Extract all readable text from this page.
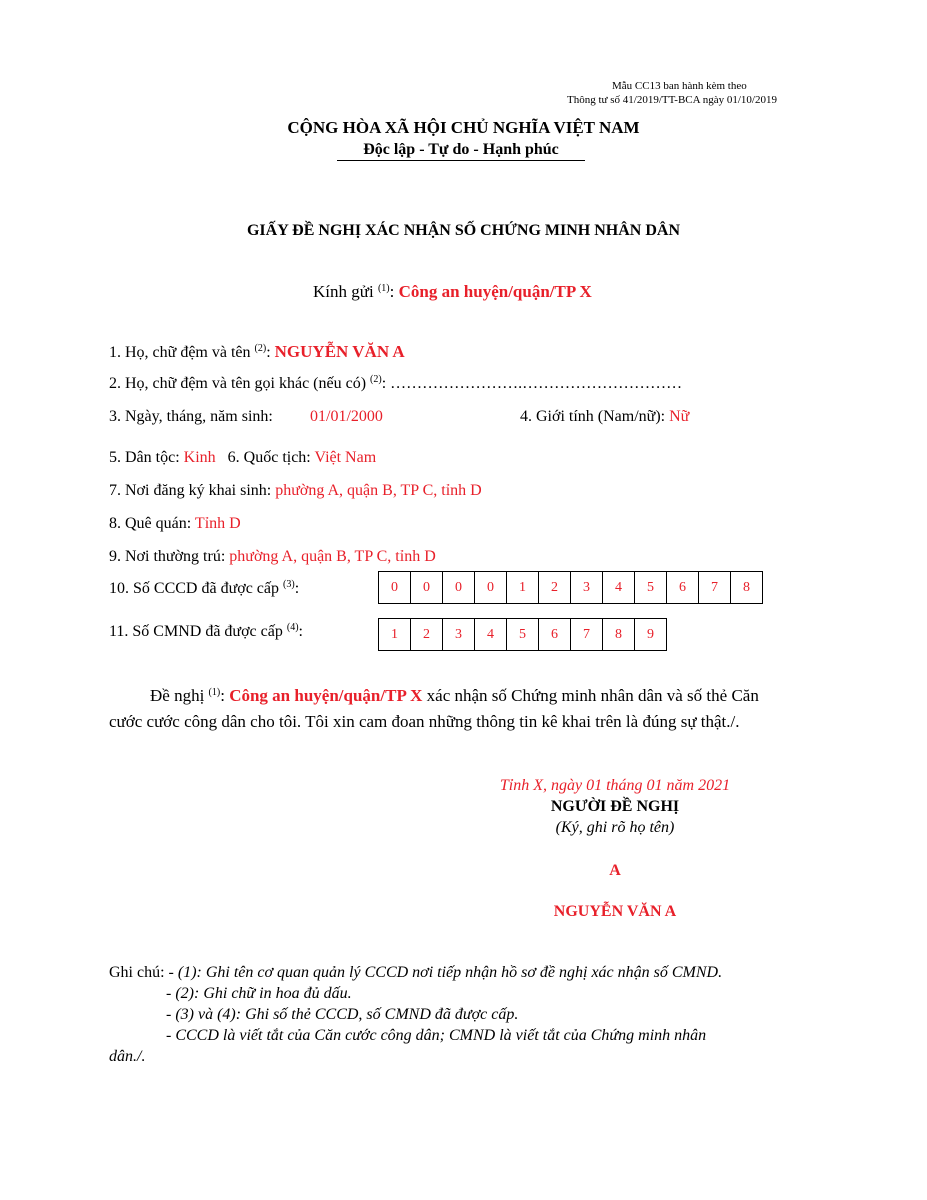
Mẫu CC13 ban hành kèm theo
Thông tư số 41/2019/TT-BCA ngày 01/10/2019
CỘNG HÒA XÃ HỘI CHỦ NGHĨA VIỆT NAM
Độc lập - Tự do - Hạnh phúc
GIẤY ĐỀ NGHỊ XÁC NHẬN SỐ CHỨNG MINH NHÂN DÂN
Kính gửi $^{(1)}$: Công an huyện/quận/TP X
1. Họ, chữ đệm và tên $^{(2)}$: NGUYỄN VĂN A
2. Họ, chữ đệm và tên gọi khác (nếu có) $^{(2)}$: …………………….…………………………
3. Ngày, tháng, năm sinh: 01/01/2000	4. Giới tính (Nam/nữ): Nữ
5. Dân tộc: Kinh 6. Quốc tịch: Việt Nam
7. Nơi đăng ký khai sinh: phường A, quận B, TP C, tỉnh D
8. Quê quán: Tỉnh D
9. Nơi thường trú: phường A, quận B, TP C, tỉnh D
10. Số CCCD đã được cấp $^{(3)}$:	0	0	0	0	1	2	3	4	5	6	7	8
11. Số CMND đã được cấp $^{(4)}$:	1	2	3	4	5	6	7	8	9
Đề nghị $^{(1)}$: Công an huyện/quận/TP X xác nhận số Chứng minh nhân dân và số thẻ Căn
cước cước công dân cho tôi. Tôi xin cam đoan những thông tin kê khai trên là đúng sự thật./.
Tỉnh X, ngày 01 tháng 01 năm 2021
NGƯỜI ĐỀ NGHỊ
(Ký, ghi rõ họ tên)
A
NGUYỄN VĂN A
Ghi chú: - (1): Ghi tên cơ quan quản lý CCCD nơi tiếp nhận hồ sơ đề nghị xác nhận số CMND.
- (2): Ghi chữ in hoa đủ dấu.
- (3) và (4): Ghi số thẻ CCCD, số CMND đã được cấp.
- CCCD là viết tắt của Căn cước công dân; CMND là viết tắt của Chứng minh nhân
dân./.
